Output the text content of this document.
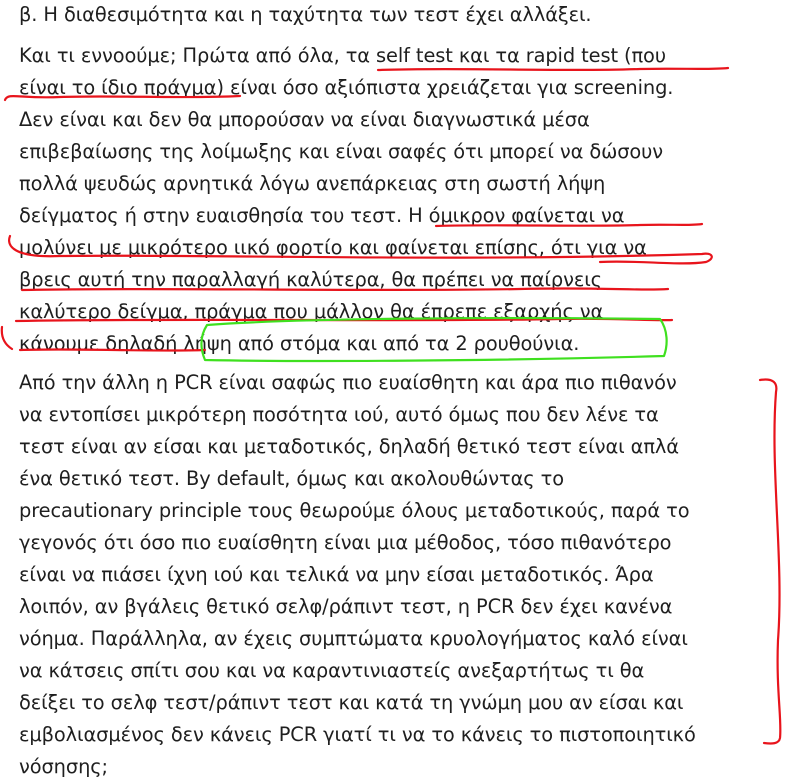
β. Η διαθεσιμότητα και η ταχύτητα των τεστ έχει αλλάξει.
Και τι εννοούμε; Πρώτα από όλα, τα self test και τα rapid test (που
είναι το ίδιο πράγμα) είναι όσο αξιόπιστα χρειάζεται για screening.
Δεν είναι και δεν θα μπορούσαν να είναι διαγνωστικά μέσα
επιβεβαίωσης της λοίμωξης και είναι σαφές ότι μπορεί να δώσουν
πολλά ψευδώς αρνητικά λόγω ανεπάρκειας στη σωστή λήψη
δείγματος ή στην ευαισθησία του τεστ. Η όμικρον φαίνεται να
μολύνει με μικρότερο ιικό φορτίο και φαίνεται επίσης, ότι για να
βρεις αυτή την παραλλαγή καλύτερα, θα πρέπει να παίρνεις
καλύτερο δείγμα, πράγμα που μάλλον θα έπρεπε εξαρχής να
κάνουμε δηλαδή λήψη από στόμα και από τα 2 ρουθούνια.
Από την άλλη η PCR είναι σαφώς πιο ευαίσθητη και άρα πιο πιθανόν
να εντοπίσει μικρότερη ποσότητα ιού, αυτό όμως που δεν λένε τα
τεστ είναι αν είσαι και μεταδοτικός, δηλαδή θετικό τεστ είναι απλά
ένα θετικό τεστ. By default, όμως και ακολουθώντας το
precautionary principle τους θεωρούμε όλους μεταδοτικούς, παρά το
γεγονός ότι όσο πιο ευαίσθητη είναι μια μέθοδος, τόσο πιθανότερο
είναι να πιάσει ίχνη ιού και τελικά να μην είσαι μεταδοτικός. Άρα
λοιπόν, αν βγάλεις θετικό σελφ/ράπιντ τεστ, η PCR δεν έχει κανένα
νόημα. Παράλληλα, αν έχεις συμπτώματα κρυολογήματος καλό είναι
να κάτσεις σπίτι σου και να καραντινιαστείς ανεξαρτήτως τι θα
δείξει το σελφ τεστ/ράπιντ τεστ και κατά τη γνώμη μου αν είσαι και
εμβολιασμένος δεν κάνεις PCR γιατί τι να το κάνεις το πιστοποιητικό
νόσησης;
